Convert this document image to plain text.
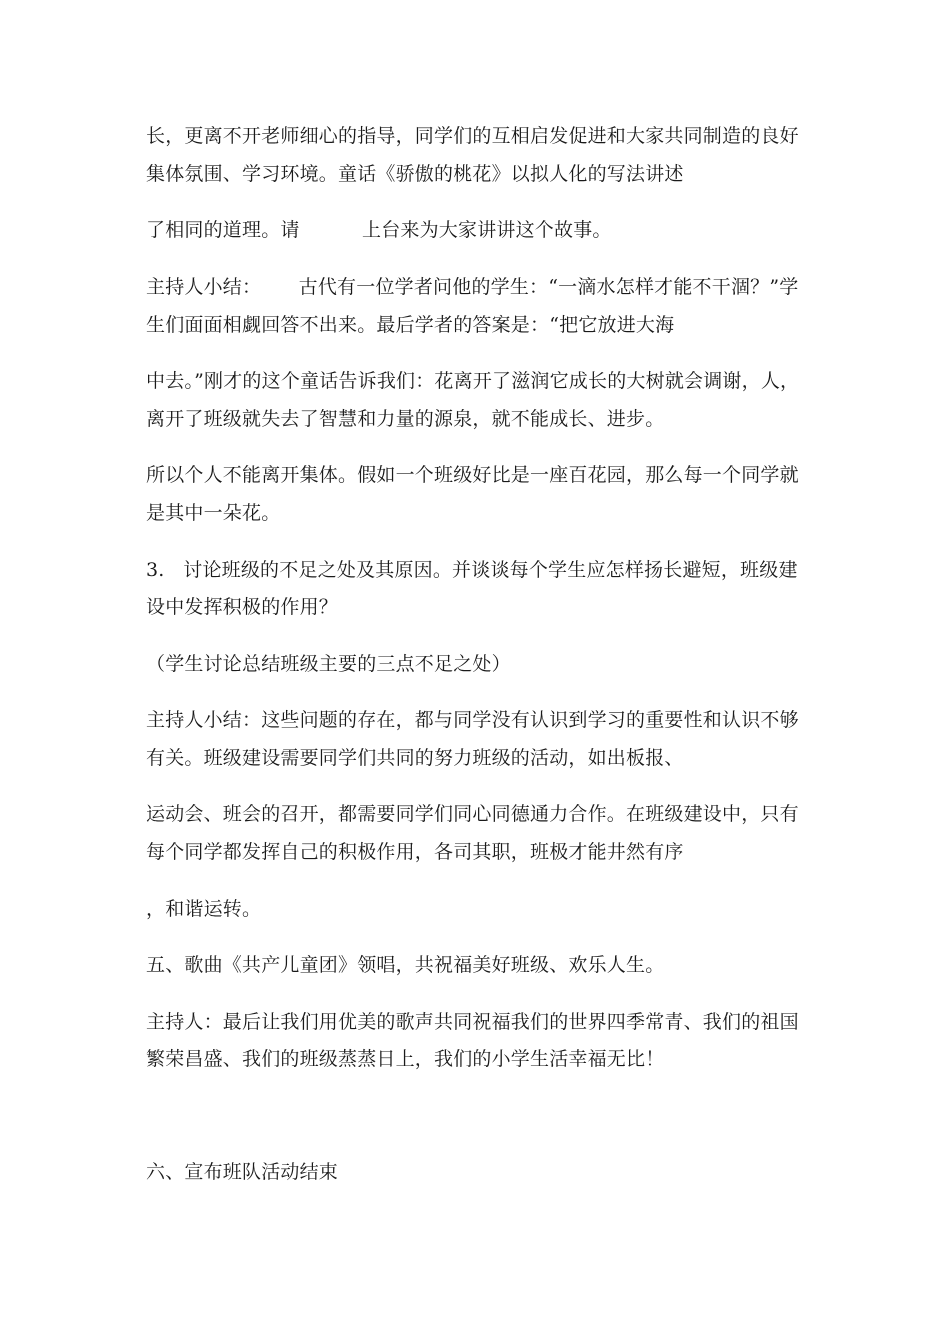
长，更离不开老师细心的指导，同学们的互相启发促进和大家共同制造的良好
集体氛围、学习环境。童话《骄傲的桃花》以拟人化的写法讲述
了相同的道理。请          上台来为大家讲讲这个故事。
主持人小结：      古代有一位学者问他的学生：“一滴水怎样才能不干涸？”学
生们面面相觑回答不出来。最后学者的答案是：“把它放进大海
中去。”刚才的这个童话告诉我们：花离开了滋润它成长的大树就会调谢，人，
离开了班级就失去了智慧和力量的源泉，就不能成长、进步。
所以个人不能离开集体。假如一个班级好比是一座百花园，那么每一个同学就
是其中一朵花。
3.   讨论班级的不足之处及其原因。并谈谈每个学生应怎样扬长避短，班级建
设中发挥积极的作用？
（学生讨论总结班级主要的三点不足之处）
主持人小结：这些问题的存在，都与同学没有认识到学习的重要性和认识不够
有关。班级建设需要同学们共同的努力班级的活动，如出板报、
运动会、班会的召开，都需要同学们同心同德通力合作。在班级建设中，只有
每个同学都发挥自己的积极作用，各司其职，班极才能井然有序
，和谐运转。
五、歌曲《共产儿童团》领唱，共祝福美好班级、欢乐人生。
主持人：最后让我们用优美的歌声共同祝福我们的世界四季常青、我们的祖国
繁荣昌盛、我们的班级蒸蒸日上，我们的小学生活幸福无比！
六、宣布班队活动结束
